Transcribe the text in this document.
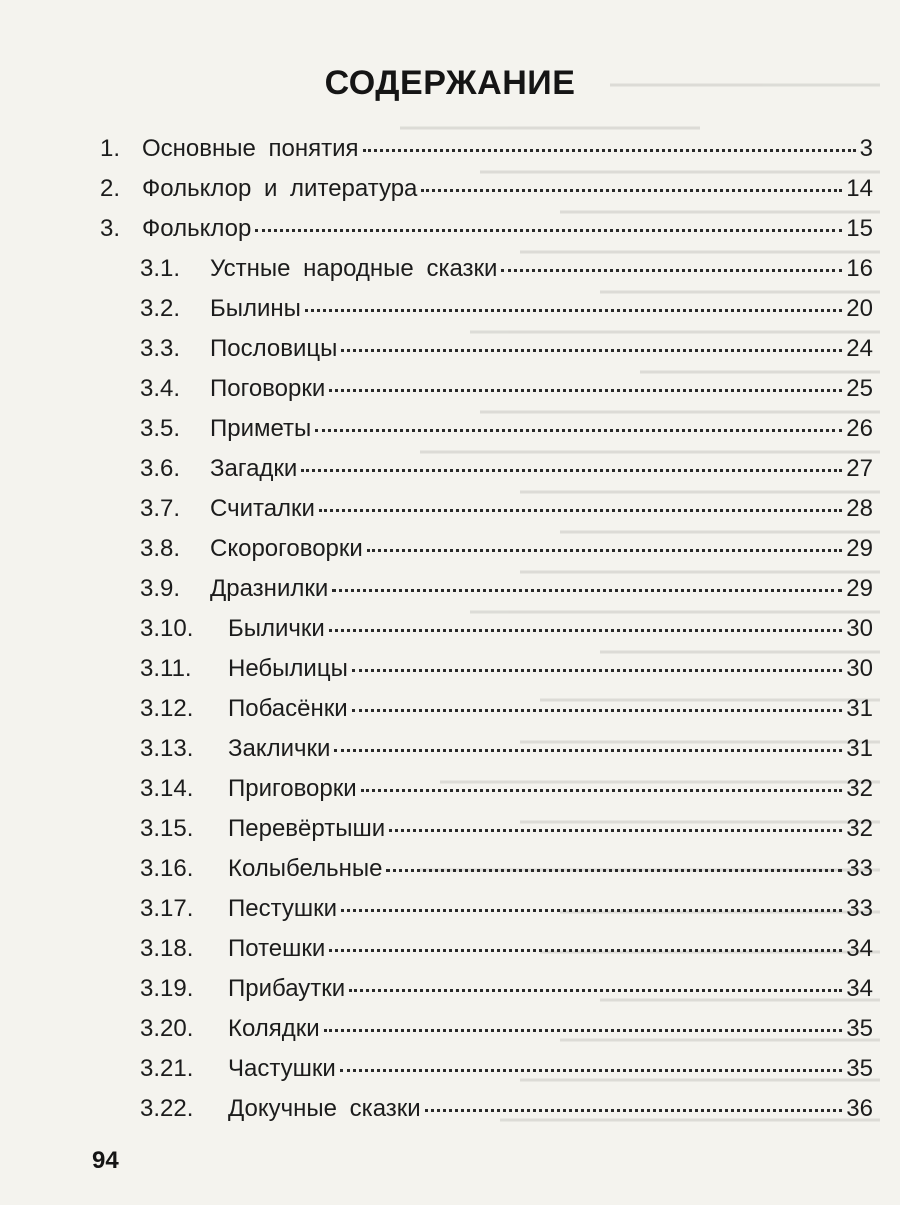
СОДЕРЖАНИЕ
1. Основные понятия	3
2. Фольклор и литература	14
3. Фольклор	15
3.1.	Устные народные сказки	16
3.2.	Былины	20
3.3.	Пословицы	24
3.4.	Поговорки	25
3.5.	Приметы	26
3.6.	Загадки	27
3.7.	Считалки	28
3.8.	Скороговорки	29
3.9.	Дразнилки	29
3.10.	Былички	30
3.11.	Небылицы	30
3.12.	Побасёнки	31
3.13.	Заклички	31
3.14.	Приговорки	32
3.15.	Перевёртыши	32
3.16.	Колыбельные	33
3.17.	Пестушки	33
3.18.	Потешки	34
3.19.	Прибаутки	34
3.20.	Колядки	35
3.21.	Частушки	35
3.22.	Докучные сказки	36
94
